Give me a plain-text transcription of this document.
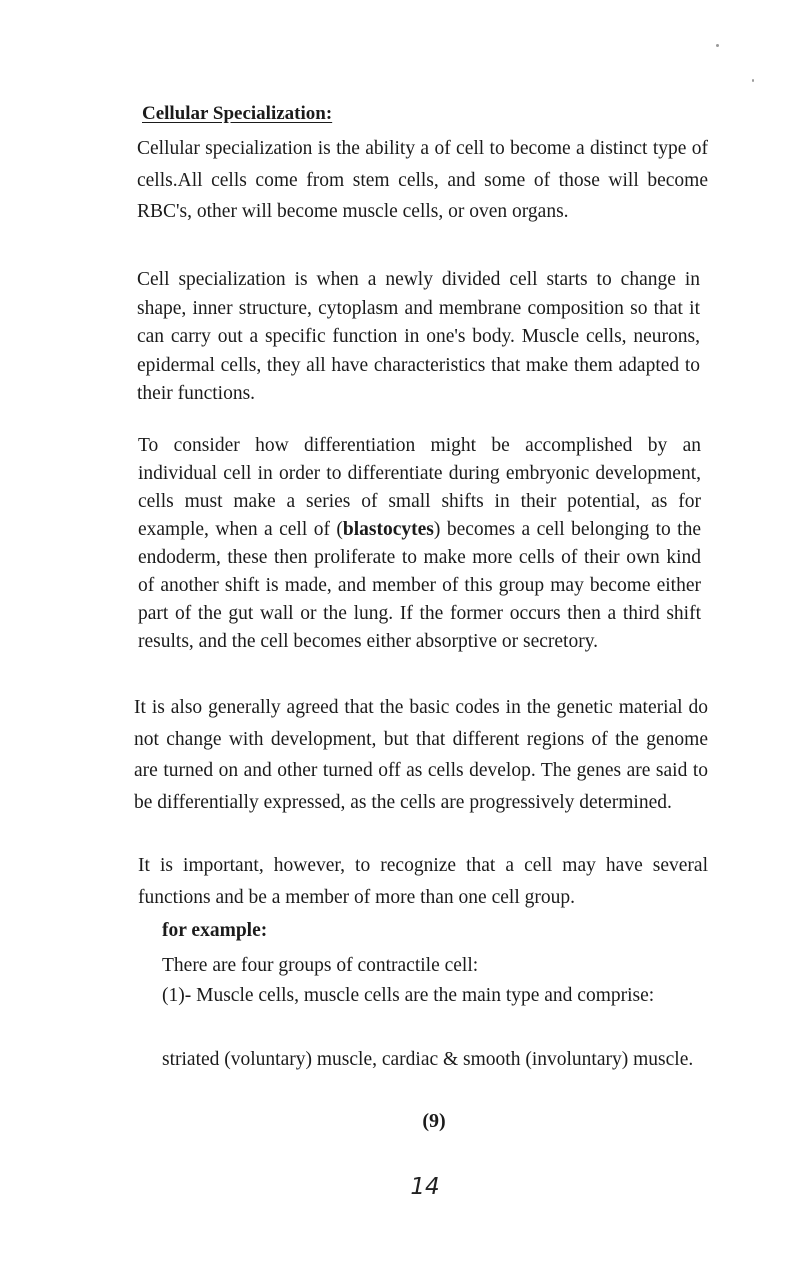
Cellular Specialization:

Cellular specialization is the ability a of cell to become a distinct type of cells.All cells come from stem cells, and some of those will become RBC's, other will become muscle cells, or oven organs.

Cell specialization is when a newly divided cell starts to change in shape, inner structure, cytoplasm and membrane composition so that it can carry out a specific function in one's body. Muscle cells, neurons, epidermal cells, they all have characteristics that make them adapted to their functions.

To consider how differentiation might be accomplished by an individual cell in order to differentiate during embryonic development, cells must make a series of small shifts in their potential, as for example, when a cell of (blastocytes) becomes a cell belonging to the endoderm, these then proliferate to make more cells of their own kind of another shift is made, and member of this group may become either part of the gut wall or the lung. If the former occurs then a third shift results, and the cell becomes either absorptive or secretory.

It is also generally agreed that the basic codes in the genetic material do not change with development, but that different regions of the genome are turned on and other turned off as cells develop. The genes are said to be differentially expressed, as the cells are progressively determined.

It is important, however, to recognize that a cell may have several functions and be a member of more than one cell group.

for example:

There are four groups of contractile cell:

(1)- Muscle cells, muscle cells are the main type and comprise:

striated (voluntary) muscle, cardiac & smooth (involuntary) muscle.

(9)
14
